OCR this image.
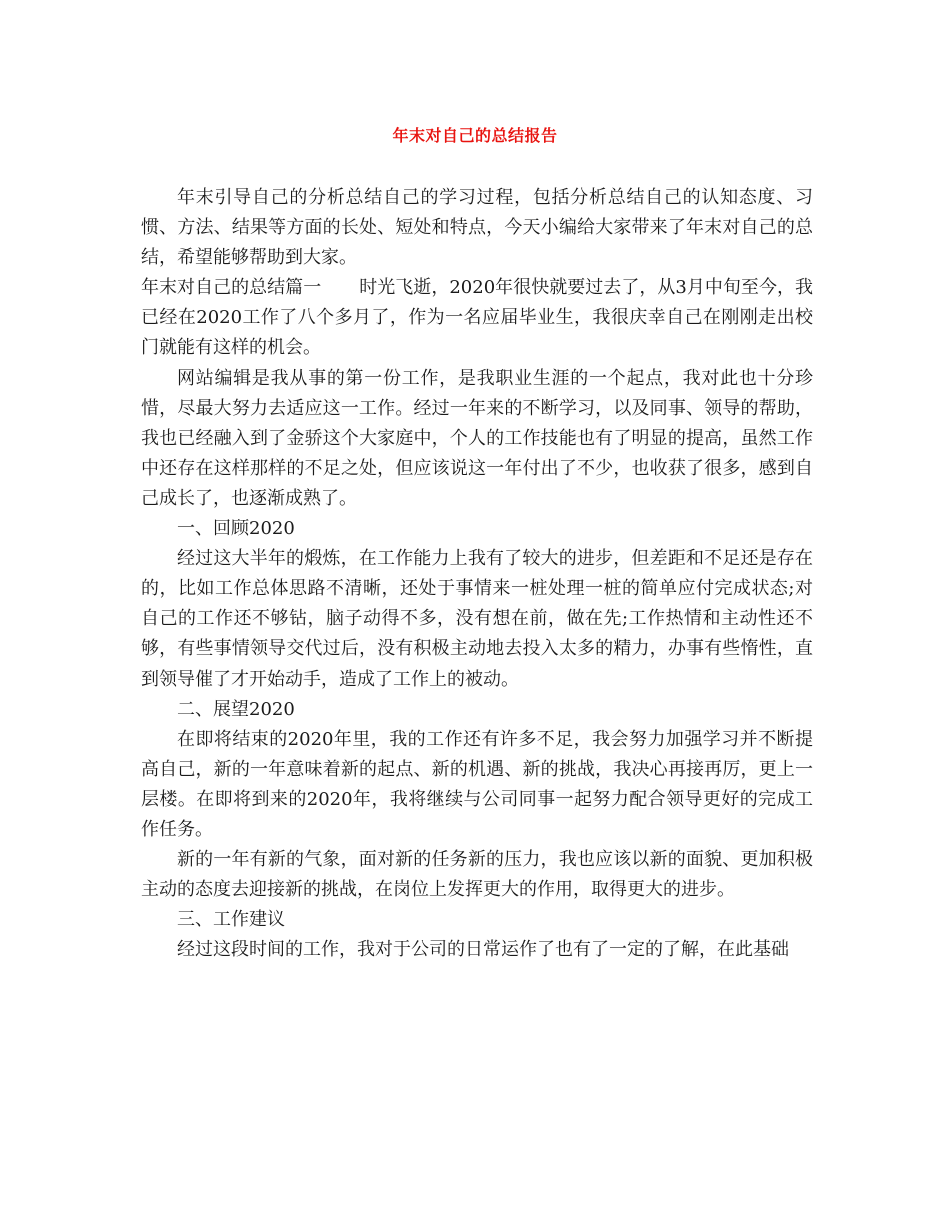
年末对自己的总结报告

年末引导自己的分析总结自己的学习过程，包括分析总结自己的认知态度、习惯、方法、结果等方面的长处、短处和特点，今天小编给大家带来了年末对自己的总结，希望能够帮助到大家。

年末对自己的总结篇一 时光飞逝，2020年很快就要过去了，从3月中旬至今，我已经在2020工作了八个多月了，作为一名应届毕业生，我很庆幸自己在刚刚走出校门就能有这样的机会。

网站编辑是我从事的第一份工作，是我职业生涯的一个起点，我对此也十分珍惜，尽最大努力去适应这一工作。经过一年来的不断学习，以及同事、领导的帮助，我也已经融入到了金骄这个大家庭中，个人的工作技能也有了明显的提高，虽然工作中还存在这样那样的不足之处，但应该说这一年付出了不少，也收获了很多，感到自己成长了，也逐渐成熟了。

一、回顾2020

经过这大半年的煅炼，在工作能力上我有了较大的进步，但差距和不足还是存在的，比如工作总体思路不清晰，还处于事情来一桩处理一桩的简单应付完成状态;对自己的工作还不够钻，脑子动得不多，没有想在前，做在先;工作热情和主动性还不够，有些事情领导交代过后，没有积极主动地去投入太多的精力，办事有些惰性，直到领导催了才开始动手，造成了工作上的被动。

二、展望2020

在即将结束的2020年里，我的工作还有许多不足，我会努力加强学习并不断提高自己，新的一年意味着新的起点、新的机遇、新的挑战，我决心再接再厉，更上一层楼。在即将到来的2020年，我将继续与公司同事一起努力配合领导更好的完成工作任务。

新的一年有新的气象，面对新的任务新的压力，我也应该以新的面貌、更加积极主动的态度去迎接新的挑战，在岗位上发挥更大的作用，取得更大的进步。

三、工作建议

经过这段时间的工作，我对于公司的日常运作了也有了一定的了解，在此基础
